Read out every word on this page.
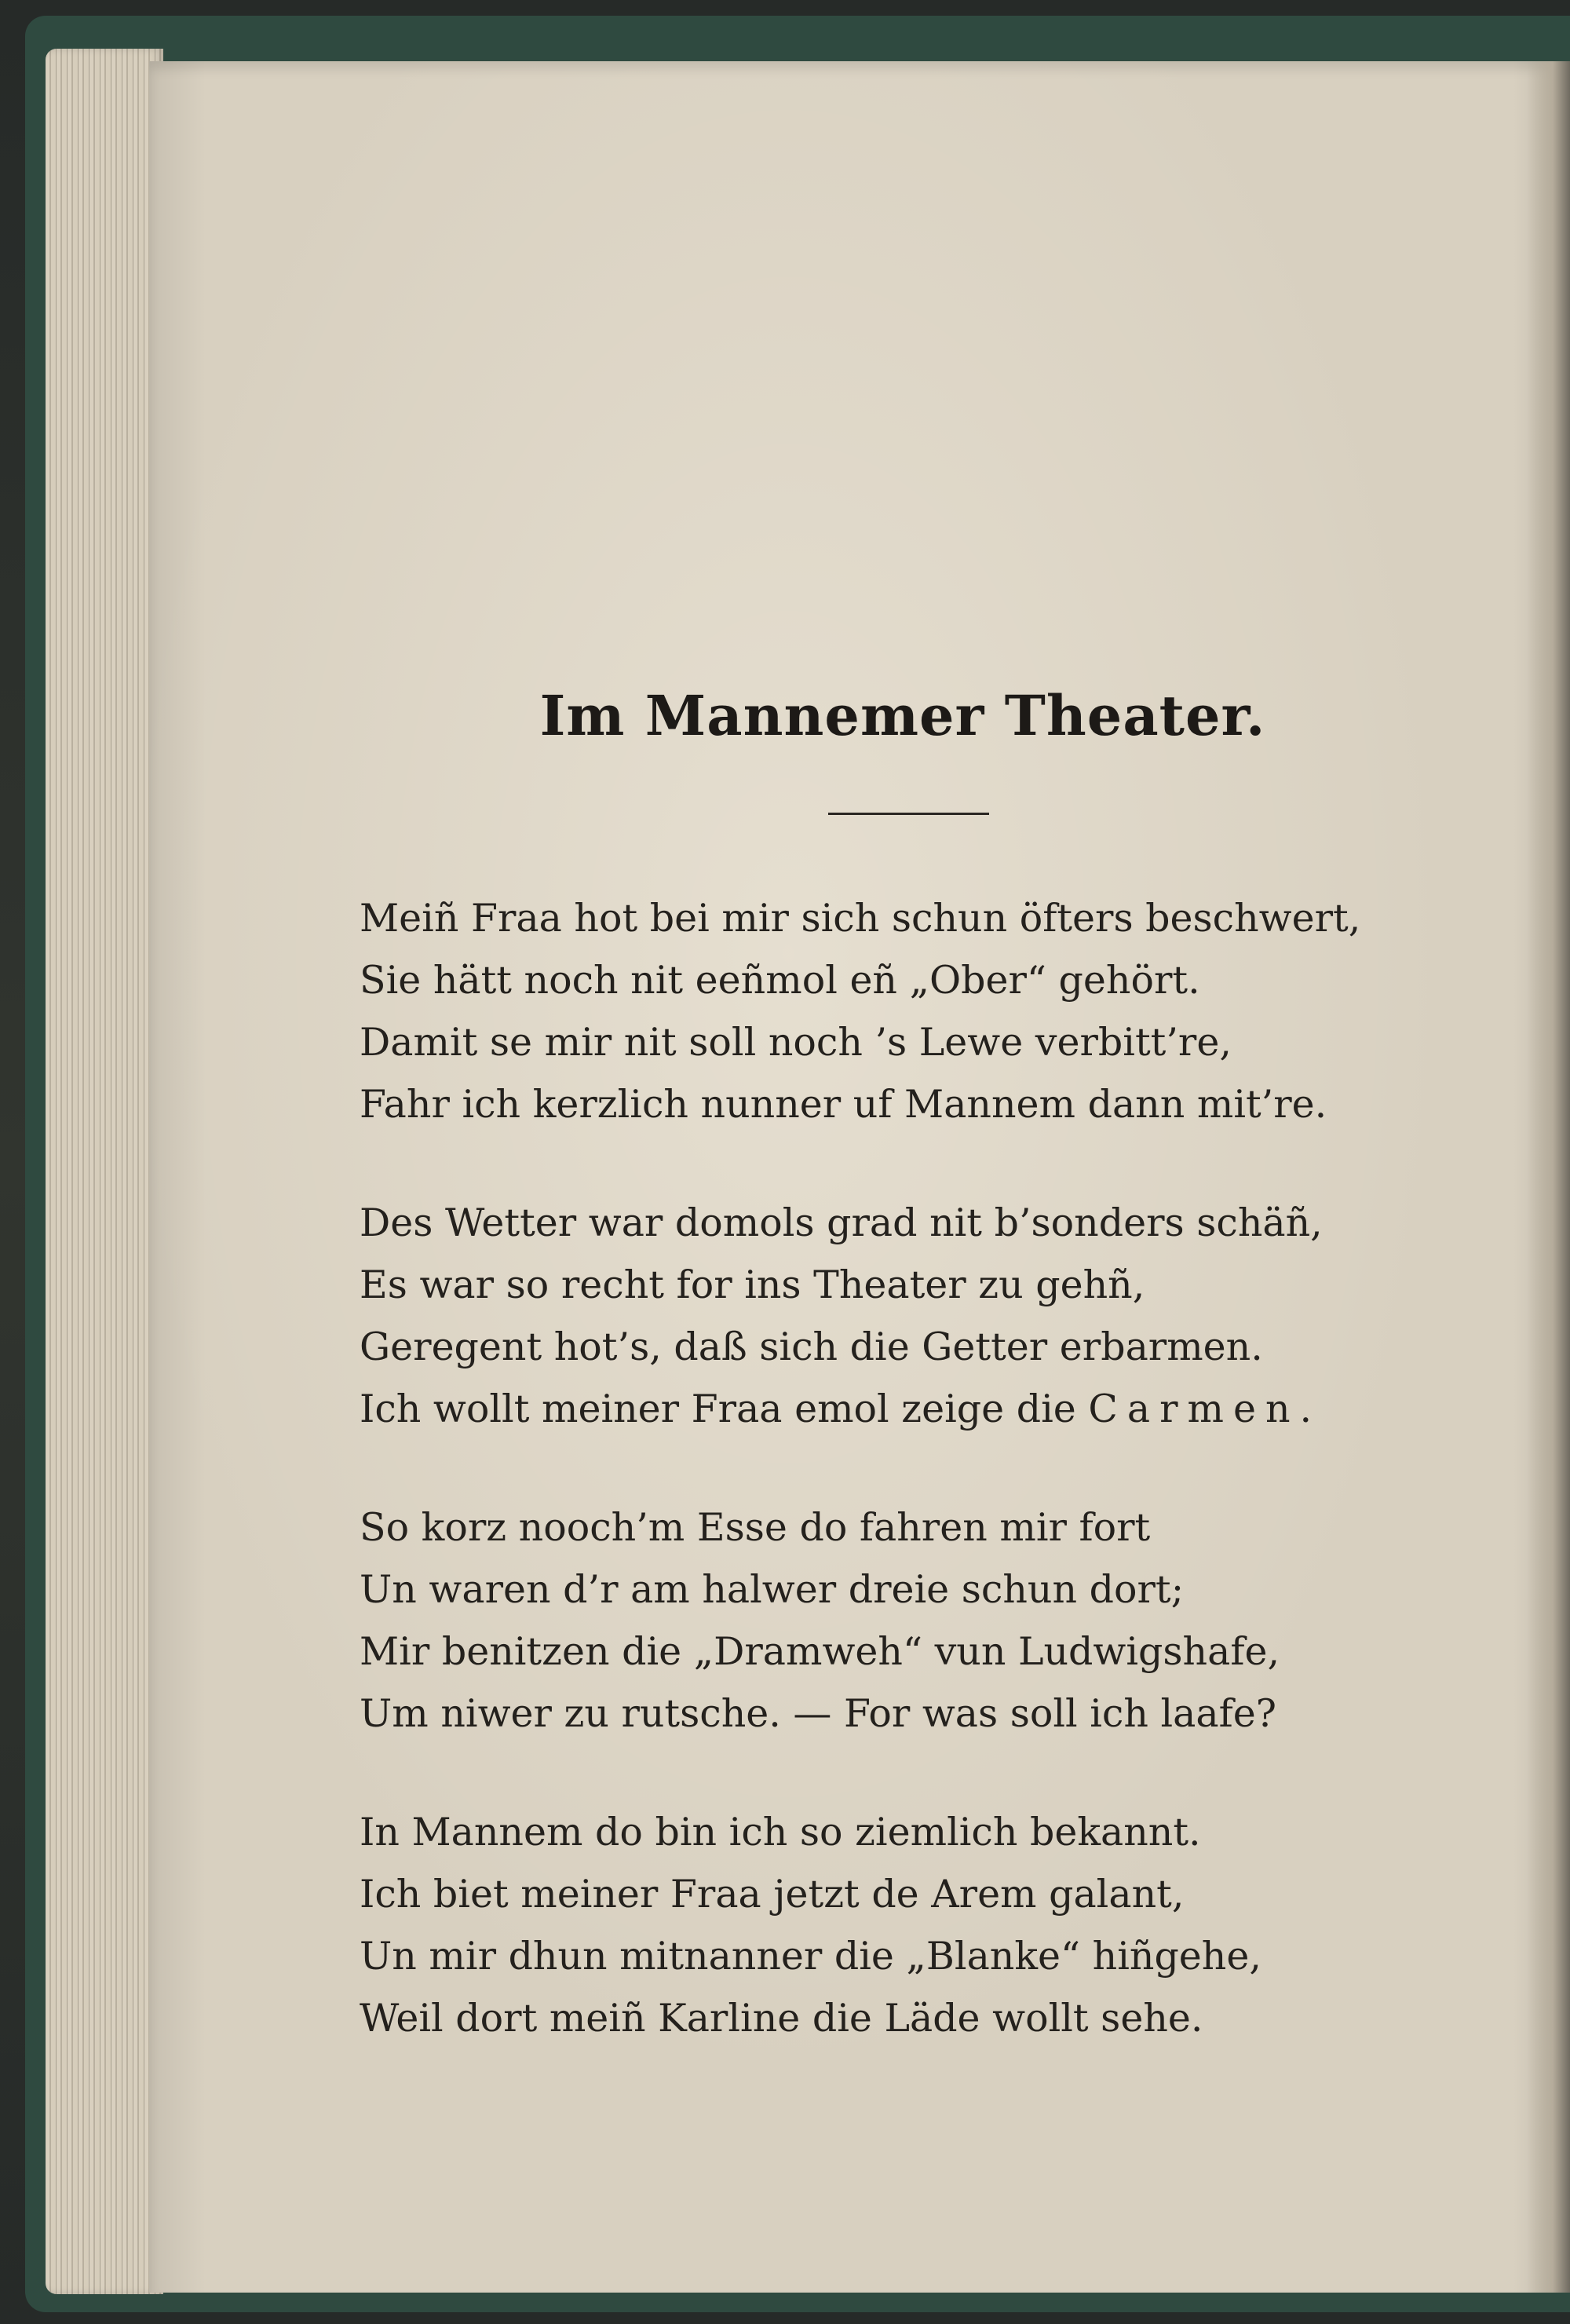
Im Mannemer Theater.
Meiñ Fraa hot bei mir sich schun öfters beschwert,
Sie hätt noch nit eeñmol eñ „Ober“ gehört.
Damit se mir nit soll noch ’s Lewe verbitt’re,
Fahr ich kerzlich nunner uf Mannem dann mit’re.
Des Wetter war domols grad nit b’sonders schäñ,
Es war so recht for ins Theater zu gehñ,
Geregent hot’s, daß sich die Getter erbarmen.
Ich wollt meiner Fraa emol zeige die Carmen.
So korz nooch’m Esse do fahren mir fort
Un waren d’r am halwer dreie schun dort;
Mir benitzen die „Dramweh“ vun Ludwigshafe,
Um niwer zu rutsche. — For was soll ich laafe?
In Mannem do bin ich so ziemlich bekannt.
Ich biet meiner Fraa jetzt de Arem galant,
Un mir dhun mitnanner die „Blanke“ hiñgehe,
Weil dort meiñ Karline die Läde wollt sehe.
